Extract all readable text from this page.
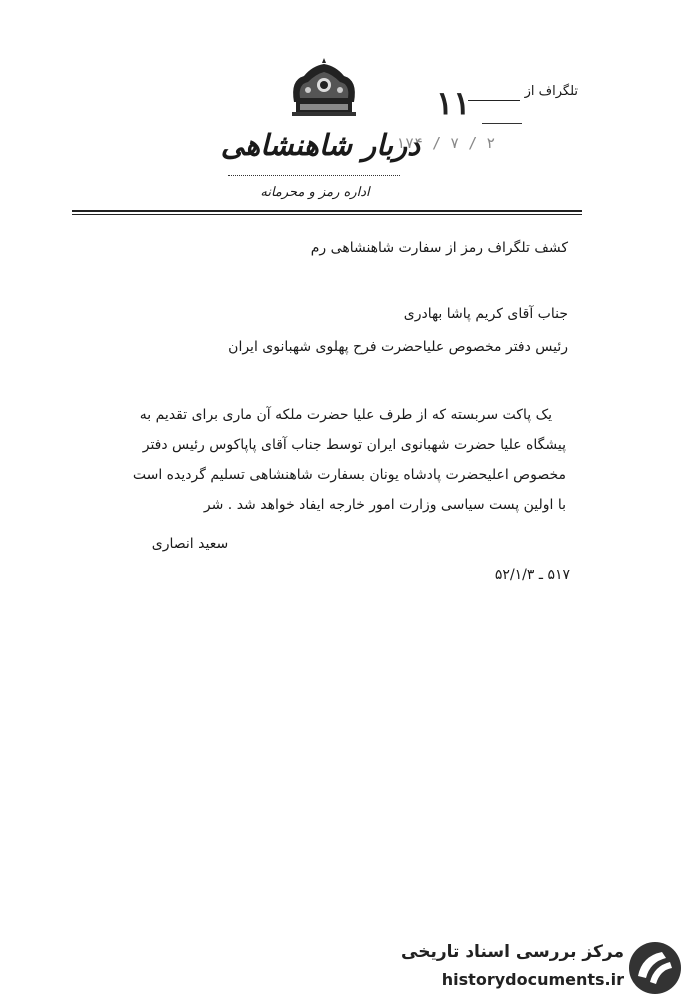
تلگراف از
۱۱
۱۷۴ / ۷ / ۲
دربار شاهنشاهی
اداره رمز و محرمانه
کشف تلگراف رمز از سفارت شاهنشاهی رم
جناب آقای کریم پاشا بهادری
رئیس دفتر مخصوص علیاحضرت فرح پهلوی شهبانوی ایران
یک پاکت سربسته که از طرف علیا حضرت ملکه آن ماری برای تقدیم به
پیشگاه علیا حضرت شهبانوی ایران توسط جناب آقای پاپاکوس رئیس دفتر
مخصوص اعلیحضرت پادشاه یونان بسفارت شاهنشاهی تسلیم گردیده است
با اولین پست سیاسی وزارت امور خارجه ایفاد خواهد شد . شر
سعید انصاری
۵۱۷ ـ ۵۲/۱/۳
مرکز بررسی اسناد تاریخی
historydocuments.ir
